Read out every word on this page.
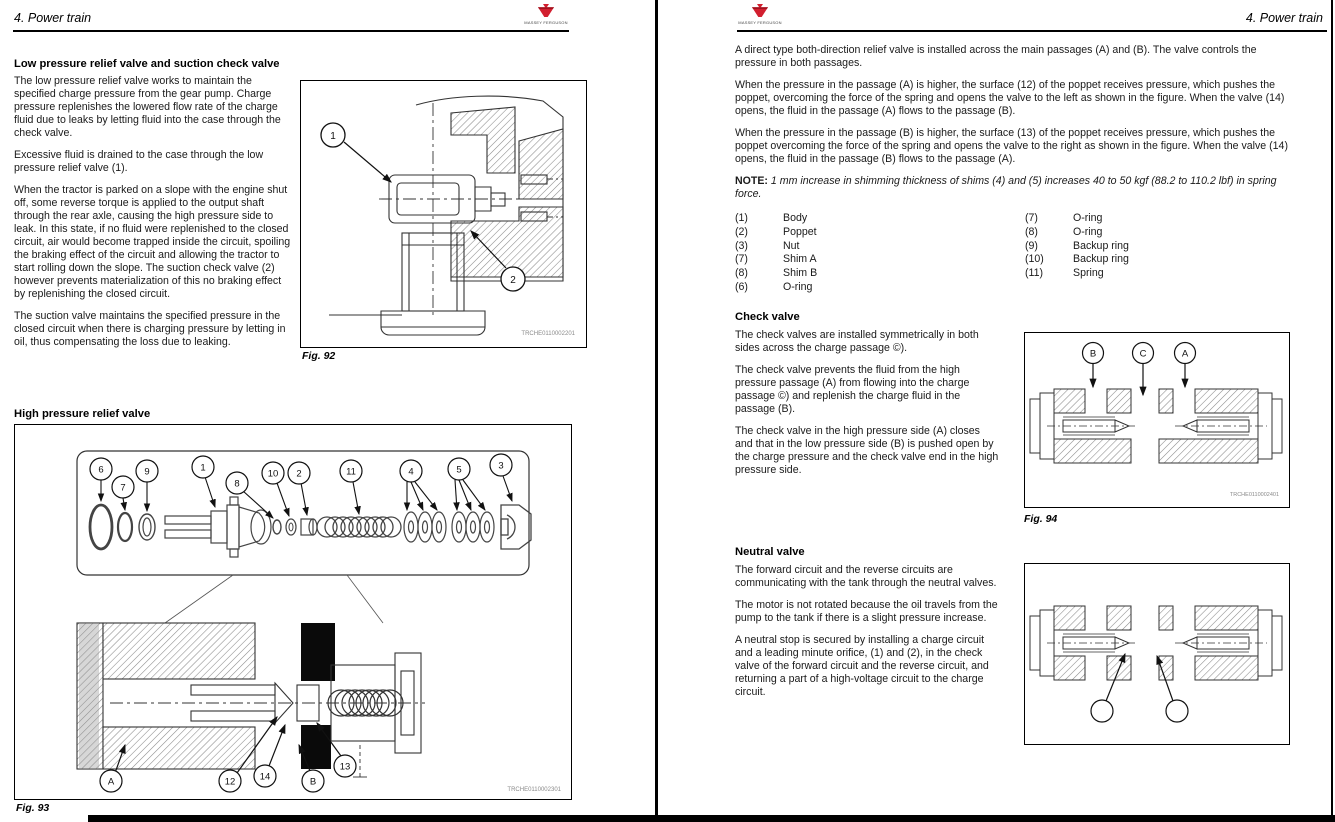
4. Power train	MASSEY FERGUSON
Low pressure relief valve and suction check valve

The low pressure relief valve works to maintain the specified charge pressure from the gear pump. Charge pressure replenishes the lowered flow rate of the charge fluid due to leaks by letting fluid into the case through the check valve.

Excessive fluid is drained to the case through the low pressure relief valve (1).

When the tractor is parked on a slope with the engine shut off, some reverse torque is applied to the output shaft through the rear axle, causing the high pressure side to leak. In this state, if no fluid were replenished to the closed circuit, air would become trapped inside the circuit, spoiling the braking effect of the circuit and allowing the tractor to start rolling down the slope. The suction check valve (2) however prevents materialization of this no braking effect by replenishing the closed circuit.

The suction valve maintains the specified pressure in the closed circuit when there is charging pressure by letting in oil, thus compensating the loss due to leaking.

1
2
TRCHE0110002201
Fig. 92
High pressure relief valve
6
7
9	1
8
10 2	11	4	5	3
A	12	14	B
13
TRCHE0110002301
Fig. 93
MASSEY FERGUSON	4. Power train

A direct type both-direction relief valve is installed across the main passages (A) and (B). The valve controls the pressure in both passages.

When the pressure in the passage (A) is higher, the surface (12) of the poppet receives pressure, which pushes the poppet, overcoming the force of the spring and opens the valve to the left as shown in the figure. When the valve (14) opens, the fluid in the passage (A) flows to the passage (B).

When the pressure in the passage (B) is higher, the surface (13) of the poppet receives pressure, which pushes the poppet overcoming the force of the spring and opens the valve to the right as shown in the figure. When the valve (14) opens, the fluid in the passage (B) flows to the passage (A).

NOTE: 1 mm increase in shimming thickness of shims (4) and (5) increases 40 to 50 kgf (88.2 to 110.2 lbf) in spring force.

(1)	Body
(2)	Poppet
(3)	Nut
(7)	Shim A
(8)	Shim B
(6)	O-ring
(7)	O-ring
(8)	O-ring
(9)	Backup ring
(10)	Backup ring
(11)	Spring
Check valve

The check valves are installed symmetrically in both sides across the charge passage ©).

The check valve prevents the fluid from the high pressure passage (A) from flowing into the charge passage ©) and replenish the charge fluid in the passage (B).

The check valve in the high pressure side (A) closes and that in the low pressure side (B) is pushed open by the charge pressure and the check valve end in the high pressure side.

B	C	A
TRCHE0110002401
Fig. 94
Neutral valve

The forward circuit and the reverse circuits are communicating with the tank through the neutral valves.

The motor is not rotated because the oil travels from the pump to the tank if there is a slight pressure increase.

A neutral stop is secured by installing a charge circuit and a leading minute orifice, (1) and (2), in the check valve of the forward circuit and the reverse circuit, and returning a part of a high-voltage circuit to the charge circuit.
